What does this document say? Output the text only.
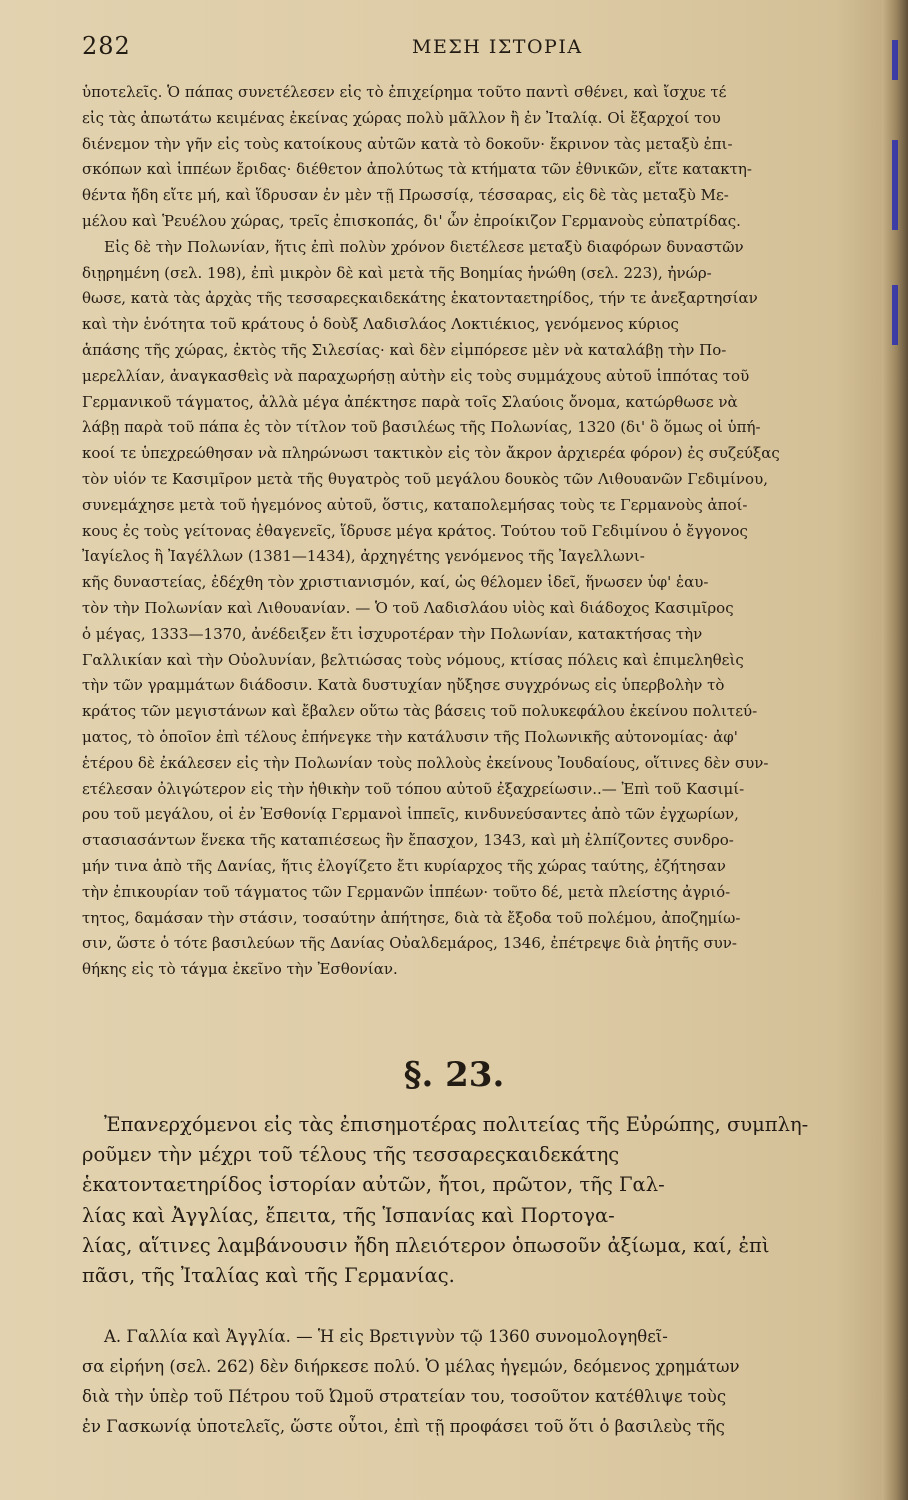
282	ΜΕΣΗ ΙΣΤΟΡΙΑ
ὑποτελεῖς. Ὁ πάπας συνετέλεσεν εἰς τὸ ἐπιχείρημα τοῦτο παντὶ σθένει, καὶ ἴσχυε τέ
εἰς τὰς ἀπωτάτω κειμένας ἐκείνας χώρας πολὺ μᾶλλον ἢ ἐν Ἰταλίᾳ. Οἱ ἔξαρχοί του
διένεμον τὴν γῆν εἰς τοὺς κατοίκους αὐτῶν κατὰ τὸ δοκοῦν· ἔκρινον τὰς μεταξὺ ἐπι-
σκόπων καὶ ἱππέων ἔριδας· διέθετον ἀπολύτως τὰ κτήματα τῶν ἐθνικῶν, εἴτε κατακτη-
θέντα ἤδη εἴτε μή, καὶ ἵδρυσαν ἐν μὲν τῇ Πρωσσίᾳ, τέσσαρας, εἰς δὲ τὰς μεταξὺ Με-
μέλου καὶ Ῥευέλου χώρας, τρεῖς ἐπισκοπάς, δι' ὧν ἐπροίκιζον Γερμανοὺς εὐπατρίδας.
Εἰς δὲ τὴν Πολωνίαν, ἥτις ἐπὶ πολὺν χρόνον διετέλεσε μεταξὺ διαφόρων δυναστῶν
διῃρημένη (σελ. 198), ἐπὶ μικρὸν δὲ καὶ μετὰ τῆς Βοημίας ἡνώθη (σελ. 223), ἠνώρ-
θωσε, κατὰ τὰς ἀρχὰς τῆς τεσσαρεςκαιδεκάτης ἑκατονταετηρίδος, τήν τε ἀνεξαρτησίαν
καὶ τὴν ἑνότητα τοῦ κράτους ὁ δοὺξ Λαδισλάος Λοκτιέκιος, γενόμενος κύριος
ἁπάσης τῆς χώρας, ἐκτὸς τῆς Σιλεσίας· καὶ δὲν εἰμπόρεσε μὲν νὰ καταλάβῃ τὴν Πο-
μερελλίαν, ἀναγκασθεὶς νὰ παραχωρήσῃ αὐτὴν εἰς τοὺς συμμάχους αὐτοῦ ἱππότας τοῦ
Γερμανικοῦ τάγματος, ἀλλὰ μέγα ἀπέκτησε παρὰ τοῖς Σλαύοις ὄνομα, κατώρθωσε νὰ
λάβῃ παρὰ τοῦ πάπα ἐς τὸν τίτλον τοῦ βασιλέως τῆς Πολωνίας, 1320 (δι' ὃ ὅμως οἱ ὑπή-
κοοί τε ὑπεχρεώθησαν νὰ πληρώνωσι τακτικὸν εἰς τὸν ἄκρον ἀρχιερέα φόρον) ἐς συζεύξας
τὸν υἱόν τε Κασιμῖρον μετὰ τῆς θυγατρὸς τοῦ μεγάλου δουκὸς τῶν Λιθουανῶν Γεδιμίνου,
συνεμάχησε μετὰ τοῦ ἡγεμόνος αὐτοῦ, ὅστις, καταπολεμήσας τοὺς τε Γερμανοὺς ἀποί-
κους ἐς τοὺς γείτονας ἐθαγενεῖς, ἵδρυσε μέγα κράτος. Τούτου τοῦ Γεδιμίνου ὁ ἔγγονος
Ἰαγίελος ἢ Ἰαγέλλων (1381—1434), ἀρχηγέτης γενόμενος τῆς Ἰαγελλωνι-
κῆς δυναστείας, ἐδέχθη τὸν χριστιανισμόν, καί, ὡς θέλομεν ἰδεῖ, ἥνωσεν ὑφ' ἑαυ-
τὸν τὴν Πολωνίαν καὶ Λιθουανίαν. — Ὁ τοῦ Λαδισλάου υἱὸς καὶ διάδοχος Κασιμῖρος
ὁ μέγας, 1333—1370, ἀνέδειξεν ἔτι ἰσχυροτέραν τὴν Πολωνίαν, κατακτήσας τὴν
Γαλλικίαν καὶ τὴν Οὐολυνίαν, βελτιώσας τοὺς νόμους, κτίσας πόλεις καὶ ἐπιμεληθεὶς
τὴν τῶν γραμμάτων διάδοσιν. Κατὰ δυστυχίαν ηὔξησε συγχρόνως εἰς ὑπερβολὴν τὸ
κράτος τῶν μεγιστάνων καὶ ἔβαλεν οὕτω τὰς βάσεις τοῦ πολυκεφάλου ἐκείνου πολιτεύ-
ματος, τὸ ὁποῖον ἐπὶ τέλους ἐπήνεγκε τὴν κατάλυσιν τῆς Πολωνικῆς αὐτονομίας· ἀφ'
ἑτέρου δὲ ἐκάλεσεν εἰς τὴν Πολωνίαν τοὺς πολλοὺς ἐκείνους Ἰουδαίους, οἵτινες δὲν συν-
ετέλεσαν ὀλιγώτερον εἰς τὴν ἠθικὴν τοῦ τόπου αὐτοῦ ἐξαχρείωσιν..— Ἐπὶ τοῦ Κασιμί-
ρου τοῦ μεγάλου, οἱ ἐν Ἐσθονίᾳ Γερμανοὶ ἱππεῖς, κινδυνεύσαντες ἀπὸ τῶν ἐγχωρίων,
στασιασάντων ἕνεκα τῆς καταπιέσεως ἣν ἔπασχον, 1343, καὶ μὴ ἐλπίζοντες συνδρο-
μήν τινα ἀπὸ τῆς Δανίας, ἥτις ἐλογίζετο ἔτι κυρίαρχος τῆς χώρας ταύτης, ἐζήτησαν
τὴν ἐπικουρίαν τοῦ τάγματος τῶν Γερμανῶν ἱππέων· τοῦτο δέ, μετὰ πλείστης ἀγριό-
τητος, δαμάσαν τὴν στάσιν, τοσαύτην ἀπήτησε, διὰ τὰ ἔξοδα τοῦ πολέμου, ἀποζημίω-
σιν, ὥστε ὁ τότε βασιλεύων τῆς Δανίας Οὐαλδεμάρος, 1346, ἐπέτρεψε διὰ ῥητῆς συν-
θήκης εἰς τὸ τάγμα ἐκεῖνο τὴν Ἐσθονίαν.
§. 23.
Ἐπανερχόμενοι εἰς τὰς ἐπισημοτέρας πολιτείας τῆς Εὐρώπης, συμπλη-
ροῦμεν τὴν μέχρι τοῦ τέλους τῆς τεσσαρεςκαιδεκάτης
ἑκατονταετηρίδος ἱστορίαν αὐτῶν, ἤτοι, πρῶτον, τῆς Γαλ-
λίας καὶ Ἀγγλίας, ἔπειτα, τῆς Ἱσπανίας καὶ Πορτογα-
λίας, αἵτινες λαμβάνουσιν ἤδη πλειότερον ὁπωσοῦν ἀξίωμα, καί, ἐπὶ
πᾶσι, τῆς Ἰταλίας καὶ τῆς Γερμανίας.
Α. Γαλλία καὶ Ἀγγλία. — Ἡ εἰς Βρετιγνὺν τῷ 1360 συνομολογηθεῖ-
σα εἰρήνη (σελ. 262) δὲν διήρκεσε πολύ. Ὁ μέλας ἡγεμών, δεόμενος χρημάτων
διὰ τὴν ὑπὲρ τοῦ Πέτρου τοῦ Ὠμοῦ στρατείαν του, τοσοῦτον κατέθλιψε τοὺς
ἐν Γασκωνίᾳ ὑποτελεῖς, ὥστε οὗτοι, ἐπὶ τῇ προφάσει τοῦ ὅτι ὁ βασιλεὺς τῆς
